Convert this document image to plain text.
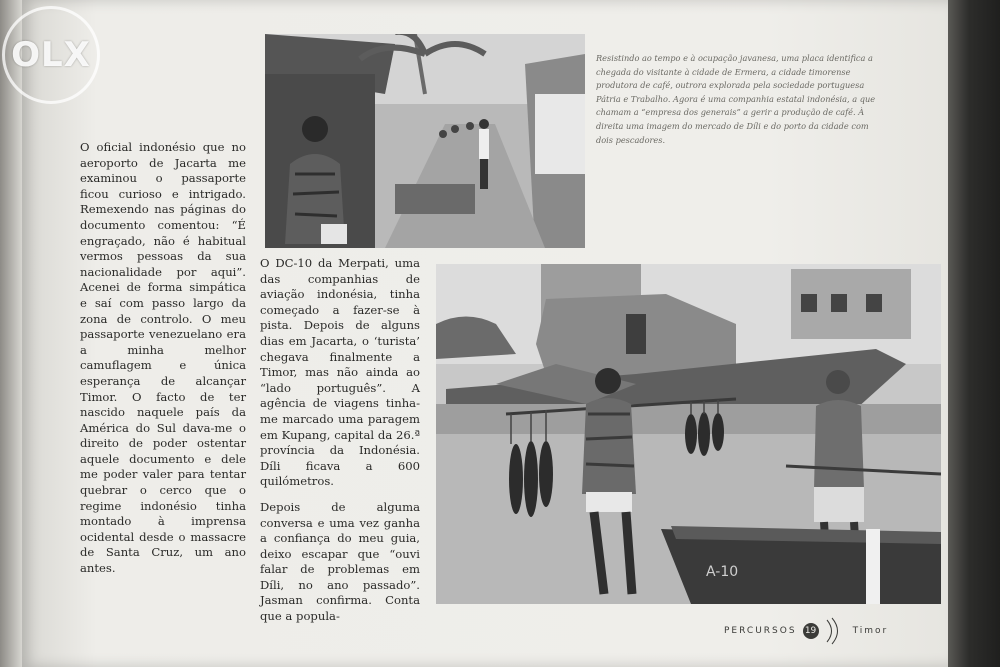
OLX
O oficial indonésio que no aeroporto de Jacarta me examinou o passaporte ficou curioso e intrigado. Remexendo nas páginas do documento comentou: “É engraçado, não é habitual vermos pessoas da sua nacionalidade por aqui”. Acenei de forma simpática e saí com passo largo da zona de controlo. O meu passaporte venezuelano era a minha melhor camuflagem e única esperança de alcançar Timor. O facto de ter nascido naquele país da América do Sul dava-me o direito de poder ostentar aquele documento e dele me poder valer para tentar quebrar o cerco que o regime indonésio tinha montado à imprensa ocidental desde o massacre de Santa Cruz, um ano antes.
Resistindo ao tempo e à ocupação javanesa, uma placa identifica a chegada do visitante à cidade de Ermera, a cidade timorense produtora de café, outrora explorada pela sociedade portuguesa Pátria e Trabalho. Agora é uma companhia estatal indonésia, a que chamam a “empresa dos generais” a gerir a produção de café. À direita uma imagem do mercado de Díli e do porto da cidade com dois pescadores.

O DC-10 da Merpati, uma das companhias de aviação indonésia, tinha começado a fazer-se à pista. Depois de alguns dias em Jacarta, o ‘turista’ chegava finalmente a Timor, mas não ainda ao “lado português”. A agência de viagens tinha-me marcado uma paragem em Kupang, capital da 26.ª província da Indonésia. Díli ficava a 600 quilómetros.

Depois de alguma conversa e uma vez ganha a confiança do meu guia, deixo escapar que “ouvi falar de problemas em Díli, no ano passado”. Jasman confirma. Conta que a popula-

A-10
PERCURSOS 19	Timor
